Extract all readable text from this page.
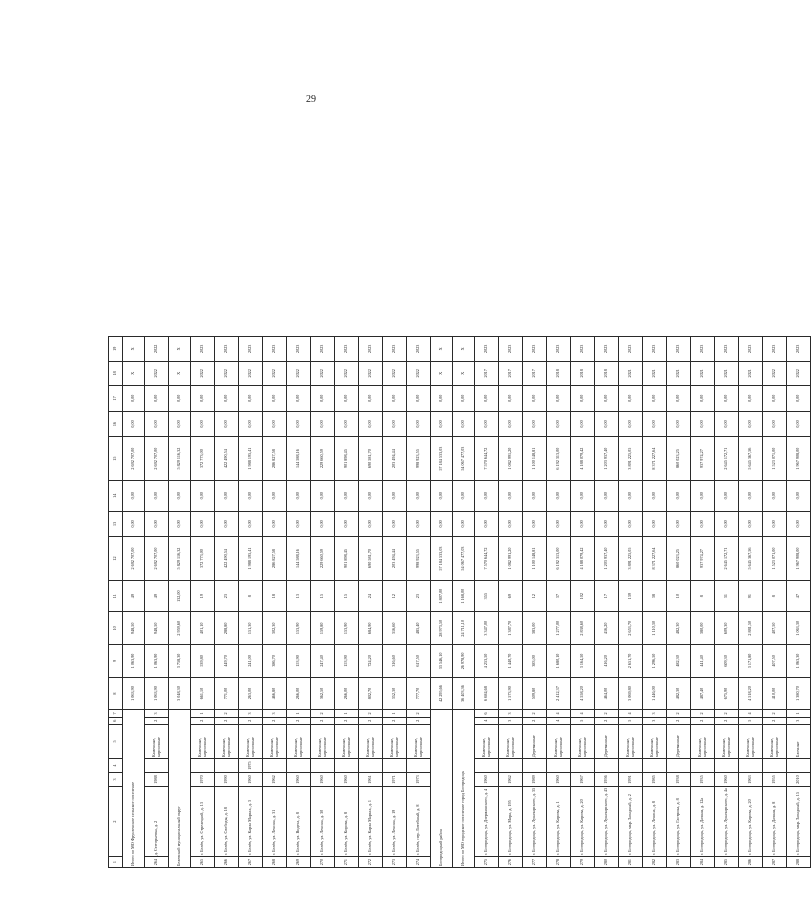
29
1	2	3	4	5	6	7	8	9	10	11	12	13	14	15	16	17	18	19
Итого по МО Фрунзенское сельское поселение							1 063,90	1 063,90	948,50	49	2 692 707,00	0,00	0,00	2 692 707,00	0,00	0,00	X	X
264	д. Стегорьевка, д. 2	1988		Каменные, кирпичные	2	3	1 063,90	1 063,90	948,50	49	2 692 707,00	0,00	0,00	2 692 707,00	0,00	0,00	2022	2022
Белевский муниципальный округ							3 048,30	3 758,30	2 959,60	132,00	5 829 116,32	0,00	0,00	5 829 116,32	0,00	0,00	X	X
265	г. Белёв, ул. Стрелецкой, д. 13	1970		Каменные, кирпичные	2	1	661,10	539,80	401,10	19	372 773,00	0,00	0,00	372 773,00	0,00	0,00	2022	2023
266	г. Белёв, ул. Свободы, д. 18	1990		Каменные, кирпичные	2	2	771,00	449,70	288,80	23	422 490,54	0,00	0,00	422 490,54	0,00	0,00	2022	2023
267	г. Белёв, ул. Карла Маркса, д. 3	1960	1975	Каменные, кирпичные	2	3	263,00	241,00	151,30	8	1 988 195,41	0,00	0,00	1 988 195,41	0,00	0,00	2022	2023
268	г. Белёв, ул. Ленина, д. 31	1962		Каменные, кирпичные	2	3	466,80	386,70	302,30	18	286 827,58	0,00	0,00	286 827,58	0,00	0,00	2022	2023
269	г. Белёв, ул. Видеса, д. 8	1960		Каменные, кирпичные	2	1	266,00	153,90	153,90	13	144 588,16	0,00	0,00	144 588,16	0,00	0,00	2022	2023
270	г. Белёв, ул. Ленина, д. 30	1960		Каменные, кирпичные	2	2	362,50	247,40	159,80	15	229 660,59	0,00	0,00	229 660,59	0,00	0,00	2022	2023
271	г. Белёв, ул. Кирова, д. 8	1960		Каменные, кирпичные	2	1	266,00	153,90	153,90	15	901 898,45	0,00	0,00	901 898,45	0,00	0,00	2022	2023
272	г. Белёв, ул. Карла Маркса, д. 1	1961		Каменные, кирпичные	2	2	802,70	724,20	684,90	24	690 581,70	0,00	0,00	690 581,70	0,00	0,00	2022	2023
273	г. Белёв, ул. Ленина, д. 19	1971		Каменные, кирпичные	2	1	352,30	316,60	316,60	12	203 494,44	0,00	0,00	203 494,44	0,00	0,00	2022	2023
274	г. Белёв, пер. Литейный, д. 8	1973		Каменные, кирпичные	2	2	777,70	617,50	485,40	23	998 923,55	0,00	0,00	998 923,55	0,00	0,00	2022	2023
Богородицкий район							42 295,66	33 546,10	28 973,50	1 807,00	57 184 533,03	0,00	0,00	57 184 533,03	0,00	0,00	X	X
Итого по МО городское поселение город Богородицк							36 403,36	26 978,90	24 711,10	1 168,00	54 067 477,03	0,00	0,00	54 067 477,03	0,00	0,00	X	X
275	г. Богородицк, ул. Дзержинского, д. 4	1960		Каменные, кирпичные	4	6	6 684,68	4 253,50	3 347,00	355	7 570 644,72	0,00	0,00	7 570 644,72	0,00	0,00	2017	2023
276	г. Богородицк, ул. Мира, д. 195	1962		Каменные, кирпичные	3	3	1 573,90	1 440,70	1 387,70	69	1 082 991,20	0,00	0,00	1 082 991,20	0,00	0,00	2017	2023
277	г. Богородицк, ул. Луначарского, д. 35	1989		Деревянные	2	2	509,80	383,00	383,00	12	1 100 148,81	0,00	0,00	1 100 148,81	0,00	0,00	2017	2023
278	г. Богородицк, ул. Кирова, д. 1	1960		Каменные, кирпичные	4	4	2 412,37	1 680,10	1 277,00	37	6 192 313,00	0,00	0,00	6 192 313,00	0,00	0,00	2018	2023
279	г. Богородицк, ул. Кирова, д. 20	1967		Каменные, кирпичные	5	4	4 558,20	3 164,50	2 838,60	102	4 188 079,42	0,00	0,00	4 188 079,42	0,00	0,00	2018	2023
280	г. Богородицк, ул. Луначарского, д. 43	1956		Деревянные	2	2	464,00	416,20	416,20	17	1 203 937,40	0,00	0,00	1 203 937,40	0,00	0,00	2018	2023
281	г. Богородицк, мкр. Западный, д. 2	1991		Каменные, кирпичные	5	4	3 069,80	2 651,70	2 653,70	139	3 891 225,05	0,00	0,00	3 891 225,05	0,00	0,00	2021	2023
282	г. Богородицк, ул. Ленина, д. 8	1985		Каменные, кирпичные	3	3	1 446,00	1 296,50	1 110,30	38	8 371 227,64	0,00	0,00	8 371 227,64	0,00	0,00	2021	2023
283	г. Богородицк, ул. Гастрика, д. 8	1938		Деревянные	2	2	482,30	482,30	482,30	10	860 023,25	0,00	0,00	860 023,25	0,00	0,00	2021	2023
284	г. Богородицк, ул. Дачная, д. 12а	1935		Каменные, кирпичные	2	2	487,40	441,40	380,00	8	937 974,27	0,00	0,00	937 974,27	0,00	0,00	2021	2023
285	г. Богородицк, ул. Луначарского, д. 4а	1960		Каменные, кирпичные	2	2	675,90	609,30	609,30	31	2 645 172,71	0,00	0,00	2 645 172,71	0,00	0,00	2021	2023
286	г. Богородицк, ул. Кирова, д. 20	1963		Каменные, кирпичные	5	4	4 518,20	3 171,80	2 881,50	91	5 645 367,56	0,00	0,00	5 645 367,56	0,00	0,00	2021	2023
287	г. Богородицк, ул. Дачная, д. 8	1955		Каменные, кирпичные	2	2	410,00	407,50	407,50	8	1 523 071,00	0,00	0,00	1 523 071,00	0,00	0,00	2022	2023
288	г. Богородицк, мкр. Западный, д. 15	2010		Блочные	3	1	1 380,70	1 063,30	1 063,30	47	1 967 908,00	0,00	0,00	1 967 908,00	0,00	0,00	2022	2023
